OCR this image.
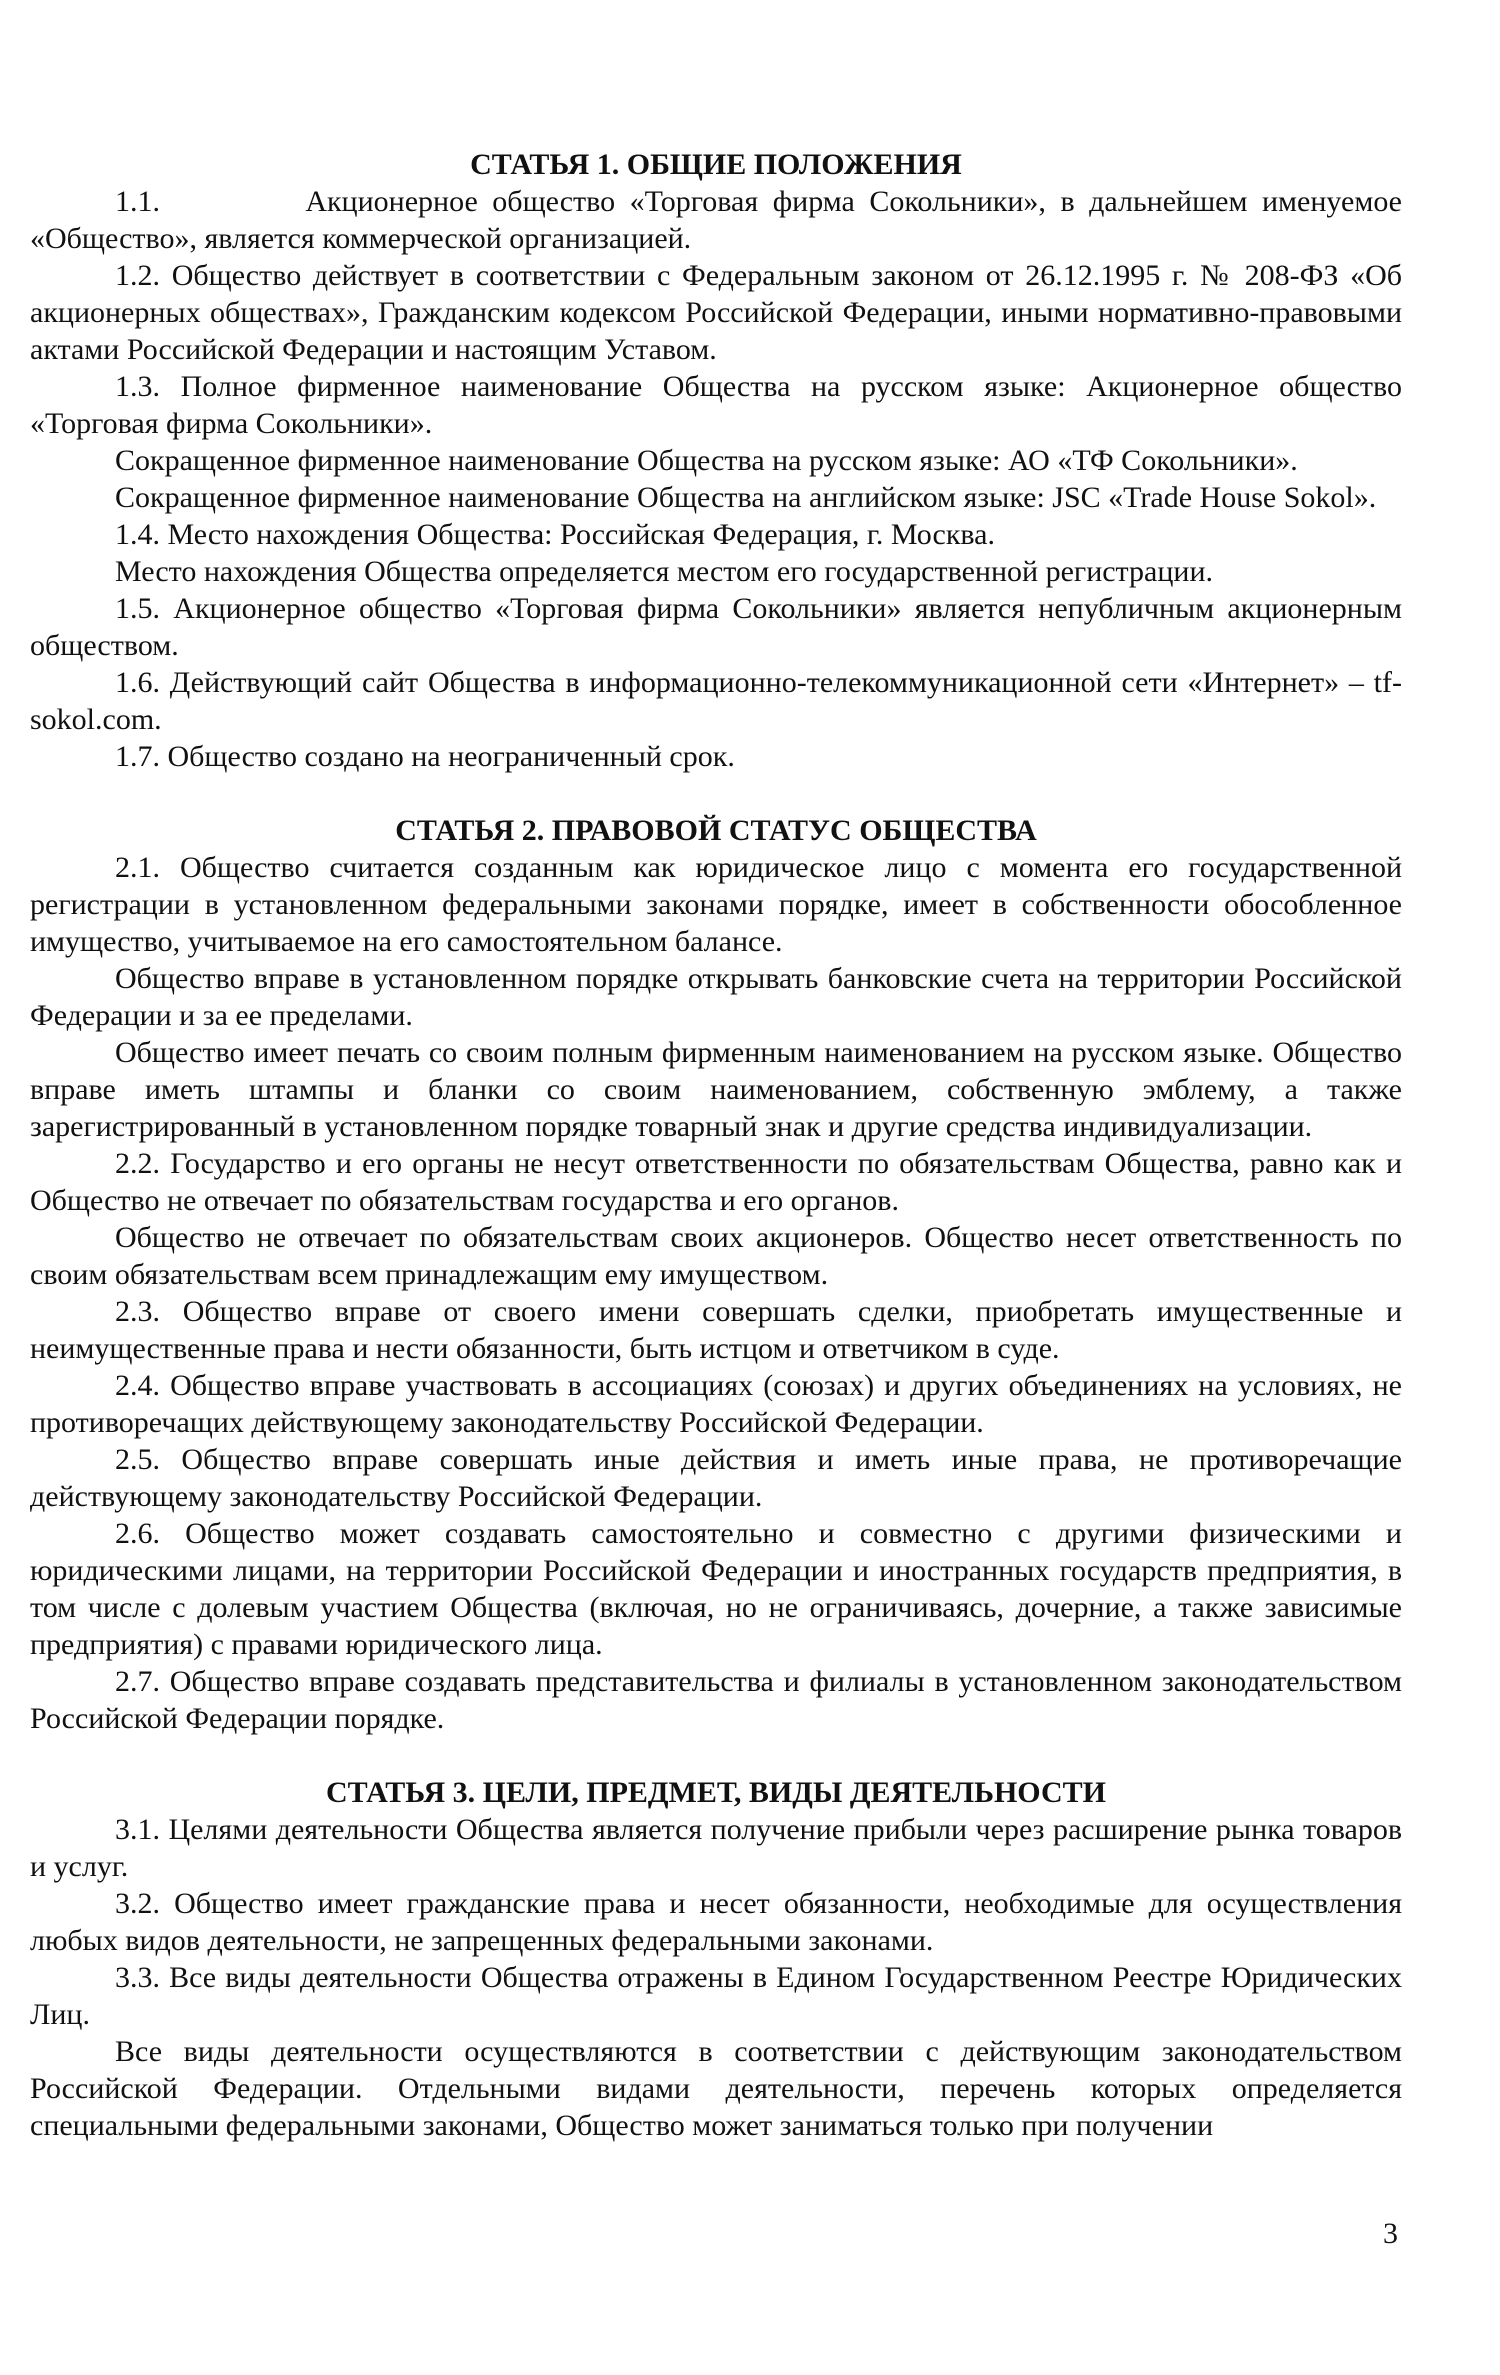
СТАТЬЯ 1. ОБЩИЕ ПОЛОЖЕНИЯ

1.1.          Акционерное общество «Торговая фирма Сокольники», в дальнейшем именуемое «Общество», является коммерческой организацией.

1.2. Общество действует в соответствии с Федеральным законом от 26.12.1995 г. № 208-ФЗ «Об акционерных обществах», Гражданским кодексом Российской Федерации, иными нормативно-правовыми актами Российской Федерации и настоящим Уставом.

1.3. Полное фирменное наименование Общества на русском языке: Акционерное общество «Торговая фирма Сокольники».

Сокращенное фирменное наименование Общества на русском языке: АО «ТФ Сокольники».

Сокращенное фирменное наименование Общества на английском языке: JSC «Trade House Sokol».

1.4. Место нахождения Общества: Российская Федерация, г. Москва.

Место нахождения Общества определяется местом его государственной регистрации.

1.5. Акционерное общество «Торговая фирма Сокольники» является непубличным акционерным обществом.

1.6. Действующий сайт Общества в информационно-телекоммуникационной сети «Интернет» – tf-sokol.com.

1.7. Общество создано на неограниченный срок.

СТАТЬЯ 2. ПРАВОВОЙ СТАТУС ОБЩЕСТВА

2.1. Общество считается созданным как юридическое лицо с момента его государственной регистрации в установленном федеральными законами порядке, имеет в собственности обособленное имущество, учитываемое на его самостоятельном балансе.

Общество вправе в установленном порядке открывать банковские счета на территории Российской Федерации и за ее пределами.

Общество имеет печать со своим полным фирменным наименованием на русском языке. Общество вправе иметь штампы и бланки со своим наименованием, собственную эмблему, а также зарегистрированный в установленном порядке товарный знак и другие средства индивидуализации.

2.2. Государство и его органы не несут ответственности по обязательствам Общества, равно как и Общество не отвечает по обязательствам государства и его органов.

Общество не отвечает по обязательствам своих акционеров. Общество несет ответственность по своим обязательствам всем принадлежащим ему имуществом.

2.3. Общество вправе от своего имени совершать сделки, приобретать имущественные и неимущественные права и нести обязанности, быть истцом и ответчиком в суде.

2.4. Общество вправе участвовать в ассоциациях (союзах) и других объединениях на условиях, не противоречащих действующему законодательству Российской Федерации.

2.5. Общество вправе совершать иные действия и иметь иные права, не противоречащие действующему законодательству Российской Федерации.

2.6. Общество может создавать самостоятельно и совместно с другими физическими и юридическими лицами, на территории Российской Федерации и иностранных государств предприятия, в том числе с долевым участием Общества (включая, но не ограничиваясь, дочерние, а также зависимые предприятия) с правами юридического лица.

2.7. Общество вправе создавать представительства и филиалы в установленном законодательством Российской Федерации порядке.

СТАТЬЯ 3. ЦЕЛИ, ПРЕДМЕТ, ВИДЫ ДЕЯТЕЛЬНОСТИ

3.1. Целями деятельности Общества является получение прибыли через расширение рынка товаров и услуг.

3.2. Общество имеет гражданские права и несет обязанности, необходимые для осуществления любых видов деятельности, не запрещенных федеральными законами.

3.3. Все виды деятельности Общества отражены в Едином Государственном Реестре Юридических Лиц.

Все виды деятельности осуществляются в соответствии с действующим законодательством Российской Федерации. Отдельными видами деятельности, перечень которых определяется специальными федеральными законами, Общество может заниматься только при получении

3
